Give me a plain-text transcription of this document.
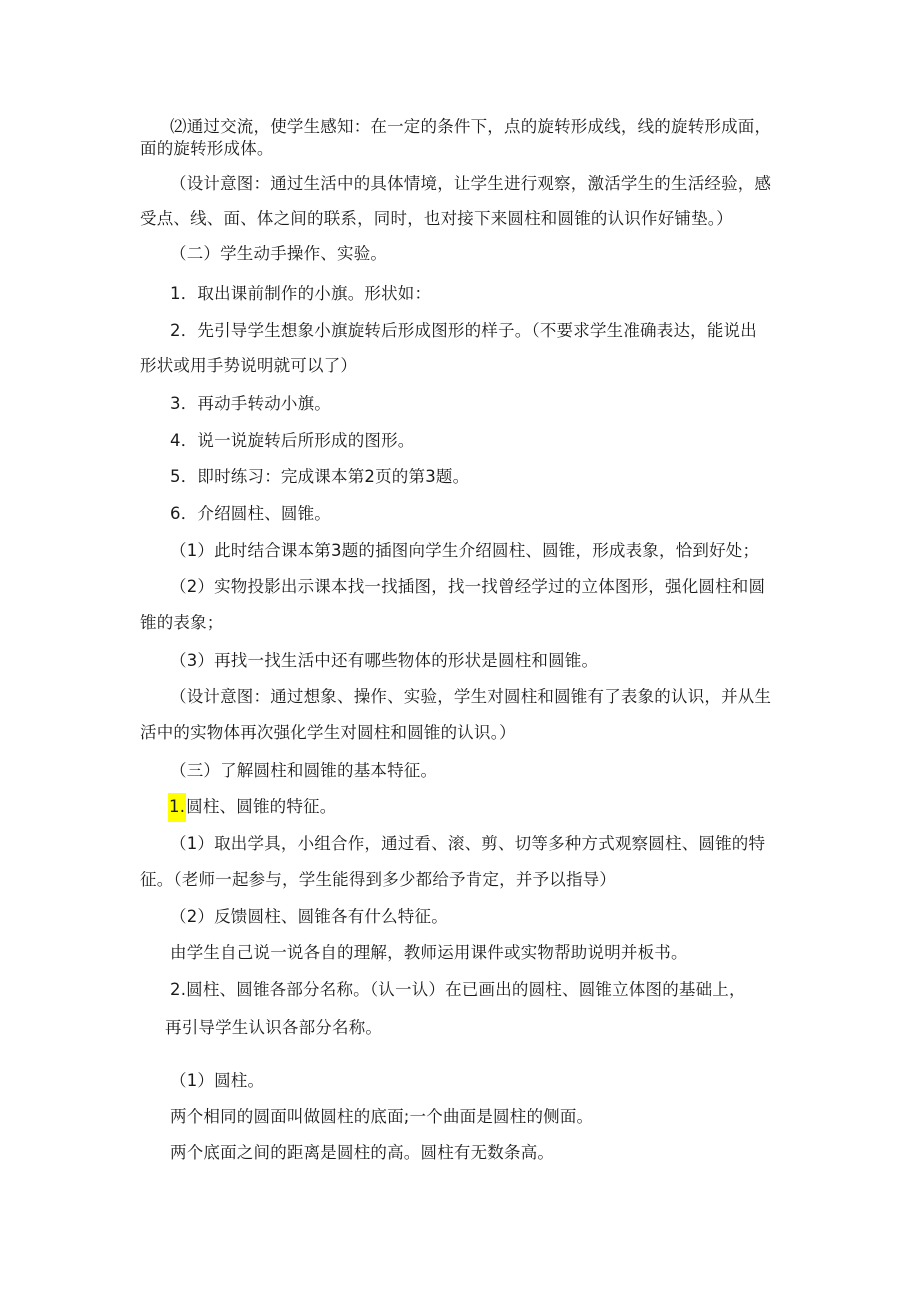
⑵通过交流，使学生感知：在一定的条件下，点的旋转形成线，线的旋转形成面，
面的旋转形成体。
（设计意图：通过生活中的具体情境，让学生进行观察，激活学生的生活经验，感
受点、线、面、体之间的联系，同时，也对接下来圆柱和圆锥的认识作好铺垫。）
（二）学生动手操作、实验。
1．取出课前制作的小旗。形状如：
2．先引导学生想象小旗旋转后形成图形的样子。（不要求学生准确表达，能说出
形状或用手势说明就可以了）
3．再动手转动小旗。
4．说一说旋转后所形成的图形。
5．即时练习：完成课本第2页的第3题。
6．介绍圆柱、圆锥。
（1）此时结合课本第3题的插图向学生介绍圆柱、圆锥，形成表象，恰到好处；
（2）实物投影出示课本找一找插图，找一找曾经学过的立体图形，强化圆柱和圆
锥的表象；
（3）再找一找生活中还有哪些物体的形状是圆柱和圆锥。
（设计意图：通过想象、操作、实验，学生对圆柱和圆锥有了表象的认识，并从生
活中的实物体再次强化学生对圆柱和圆锥的认识。）
（三）了解圆柱和圆锥的基本特征。
1.圆柱、圆锥的特征。
（1）取出学具，小组合作，通过看、滚、剪、切等多种方式观察圆柱、圆锥的特
征。（老师一起参与，学生能得到多少都给予肯定，并予以指导）
（2）反馈圆柱、圆锥各有什么特征。
由学生自己说一说各自的理解，教师运用课件或实物帮助说明并板书。
2.圆柱、圆锥各部分名称。（认一认）在已画出的圆柱、圆锥立体图的基础上，
再引导学生认识各部分名称。
（1）圆柱。
两个相同的圆面叫做圆柱的底面;一个曲面是圆柱的侧面。
两个底面之间的距离是圆柱的高。圆柱有无数条高。
